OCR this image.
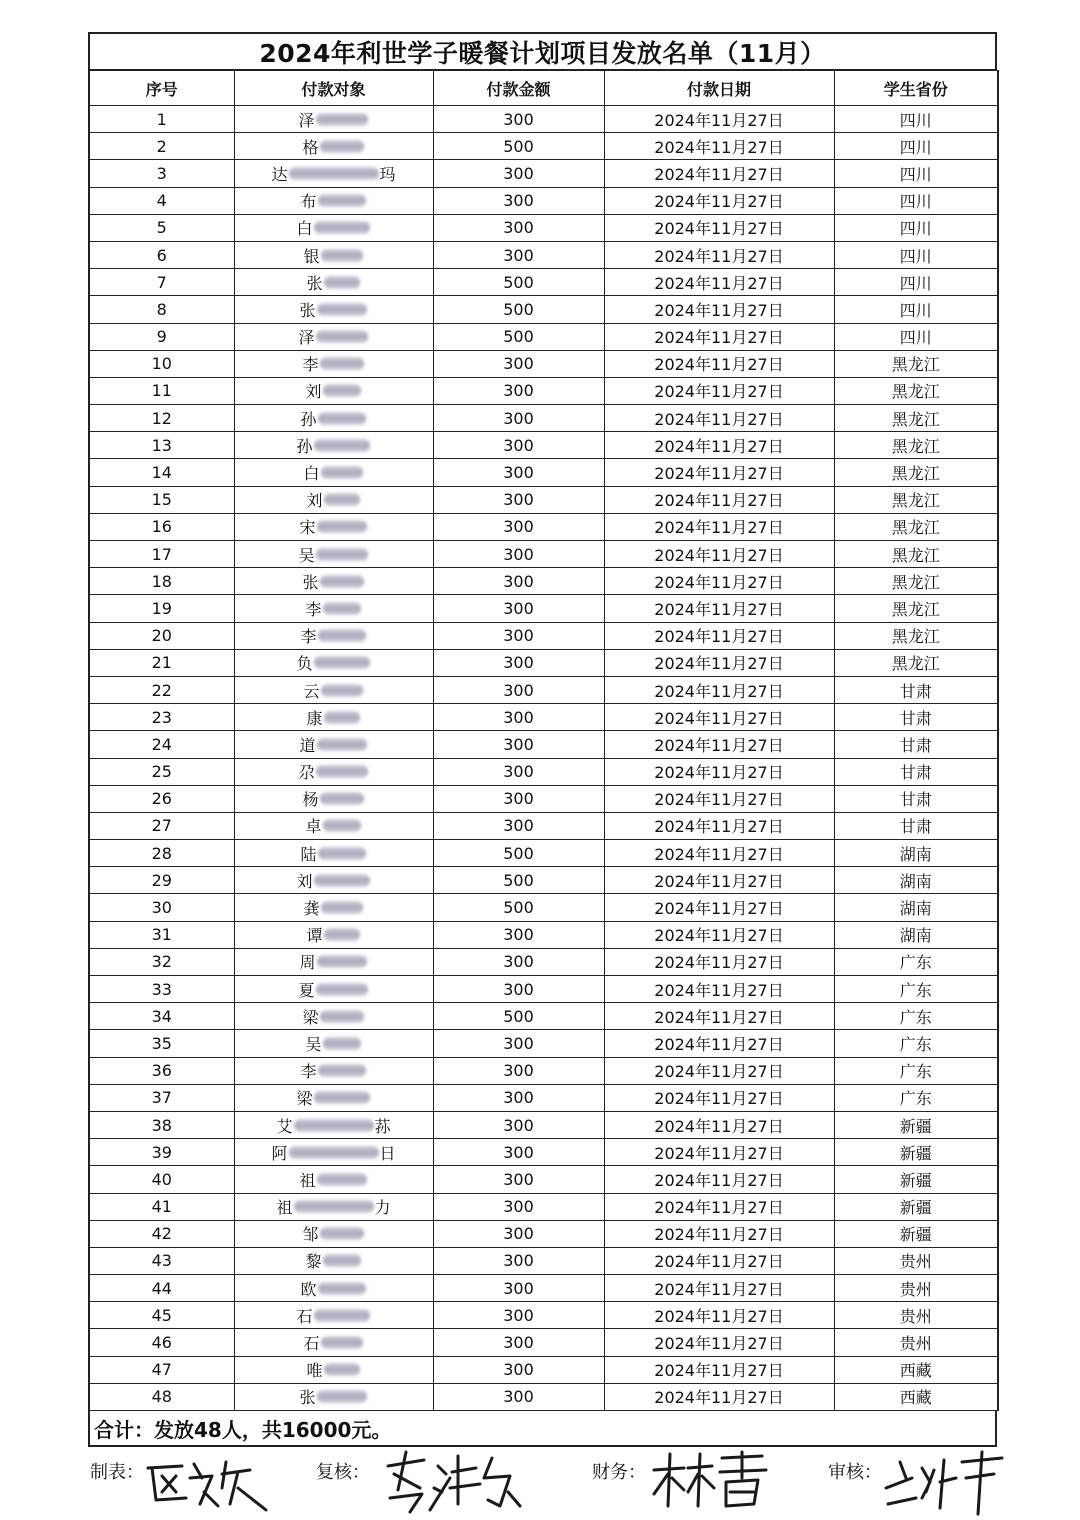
2024年利世学子暖餐计划项目发放名单（11月）
序号	付款对象	付款金额	付款日期	学生省份
1	泽	300	2024年11月27日	四川
2	格	500	2024年11月27日	四川
3	达 玛	300	2024年11月27日	四川
4	布	300	2024年11月27日	四川
5	白	300	2024年11月27日	四川
6	银	300	2024年11月27日	四川
7	张	500	2024年11月27日	四川
8	张	500	2024年11月27日	四川
9	泽	500	2024年11月27日	四川
10	李	300	2024年11月27日	黑龙江
11	刘	300	2024年11月27日	黑龙江
12	孙	300	2024年11月27日	黑龙江
13	孙	300	2024年11月27日	黑龙江
14	白	300	2024年11月27日	黑龙江
15	刘	300	2024年11月27日	黑龙江
16	宋	300	2024年11月27日	黑龙江
17	吴	300	2024年11月27日	黑龙江
18	张	300	2024年11月27日	黑龙江
19	李	300	2024年11月27日	黑龙江
20	李	300	2024年11月27日	黑龙江
21	负	300	2024年11月27日	黑龙江
22	云	300	2024年11月27日	甘肃
23	康	300	2024年11月27日	甘肃
24	道	300	2024年11月27日	甘肃
25	尕	300	2024年11月27日	甘肃
26	杨	300	2024年11月27日	甘肃
27	卓	300	2024年11月27日	甘肃
28	陆	500	2024年11月27日	湖南
29	刘	500	2024年11月27日	湖南
30	龚	500	2024年11月27日	湖南
31	谭	300	2024年11月27日	湖南
32	周	300	2024年11月27日	广东
33	夏	300	2024年11月27日	广东
34	梁	500	2024年11月27日	广东
35	吴	300	2024年11月27日	广东
36	李	300	2024年11月27日	广东
37	梁	300	2024年11月27日	广东
38	艾 荪	300	2024年11月27日	新疆
39	阿 日	300	2024年11月27日	新疆
40	祖	300	2024年11月27日	新疆
41	祖 力	300	2024年11月27日	新疆
42	邹	300	2024年11月27日	新疆
43	黎	300	2024年11月27日	贵州
44	欧	300	2024年11月27日	贵州
45	石	300	2024年11月27日	贵州
46	石	300	2024年11月27日	贵州
47	唯	300	2024年11月27日	西藏
48	张	300	2024年11月27日	西藏
合计：发放48人，共16000元。
制表：	复核：	财务：	审核：
